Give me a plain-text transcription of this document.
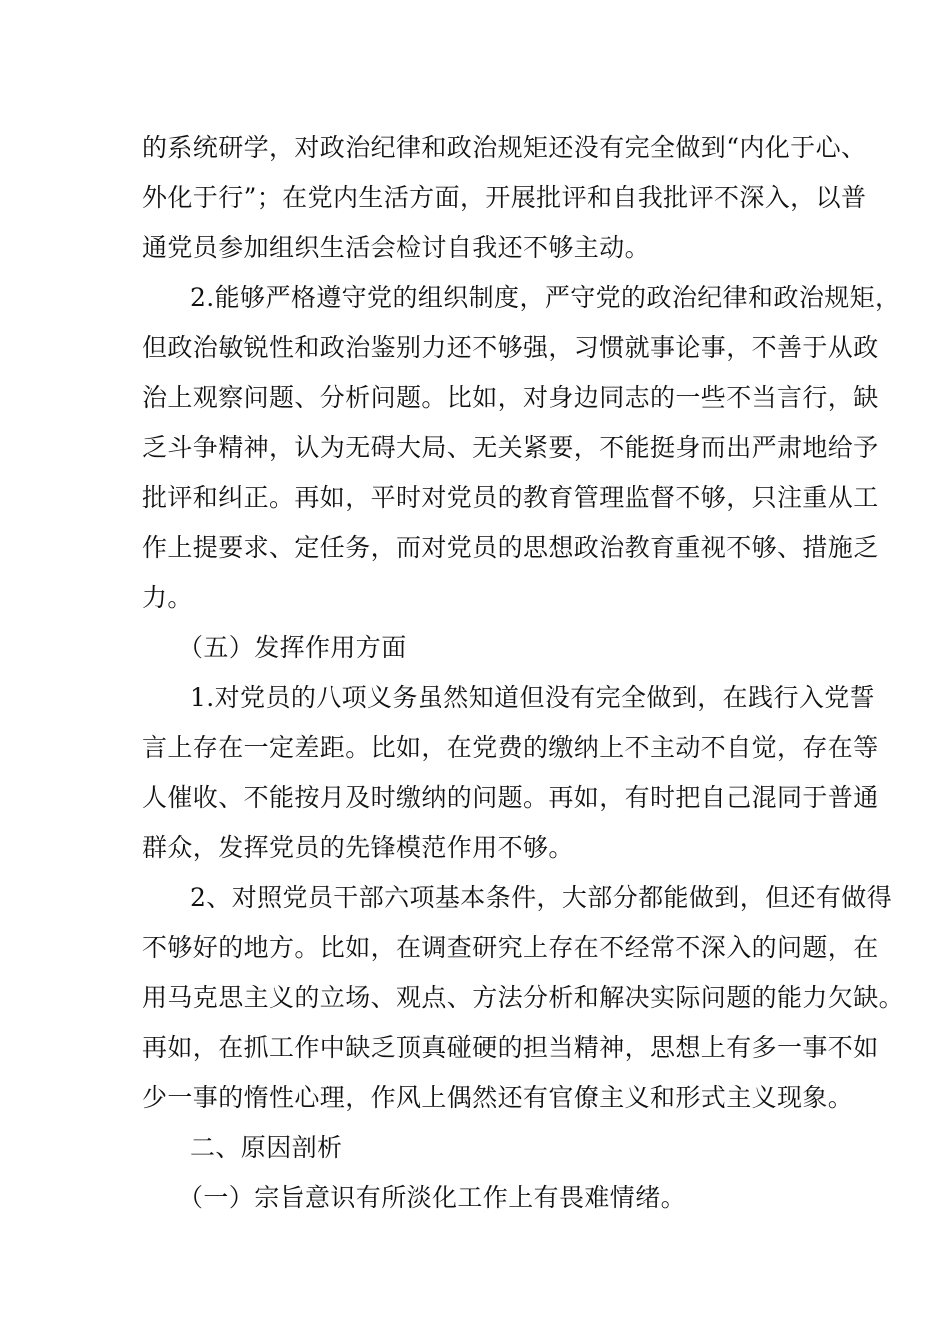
的系统研学，对政治纪律和政治规矩还没有完全做到“内化于心、
外化于行”；在党内生活方面，开展批评和自我批评不深入，以普
通党员参加组织生活会检讨自我还不够主动。
2.能够严格遵守党的组织制度，严守党的政治纪律和政治规矩，
但政治敏锐性和政治鉴别力还不够强，习惯就事论事，不善于从政
治上观察问题、分析问题。比如，对身边同志的一些不当言行，缺
乏斗争精神，认为无碍大局、无关紧要，不能挺身而出严肃地给予
批评和纠正。再如，平时对党员的教育管理监督不够，只注重从工
作上提要求、定任务，而对党员的思想政治教育重视不够、措施乏
力。
（五）发挥作用方面
1.对党员的八项义务虽然知道但没有完全做到，在践行入党誓
言上存在一定差距。比如，在党费的缴纳上不主动不自觉，存在等
人催收、不能按月及时缴纳的问题。再如，有时把自己混同于普通
群众，发挥党员的先锋模范作用不够。
2、对照党员干部六项基本条件，大部分都能做到，但还有做得
不够好的地方。比如，在调查研究上存在不经常不深入的问题，在
用马克思主义的立场、观点、方法分析和解决实际问题的能力欠缺。
再如，在抓工作中缺乏顶真碰硬的担当精神，思想上有多一事不如
少一事的惰性心理，作风上偶然还有官僚主义和形式主义现象。
二、原因剖析
（一）宗旨意识有所淡化工作上有畏难情绪。
